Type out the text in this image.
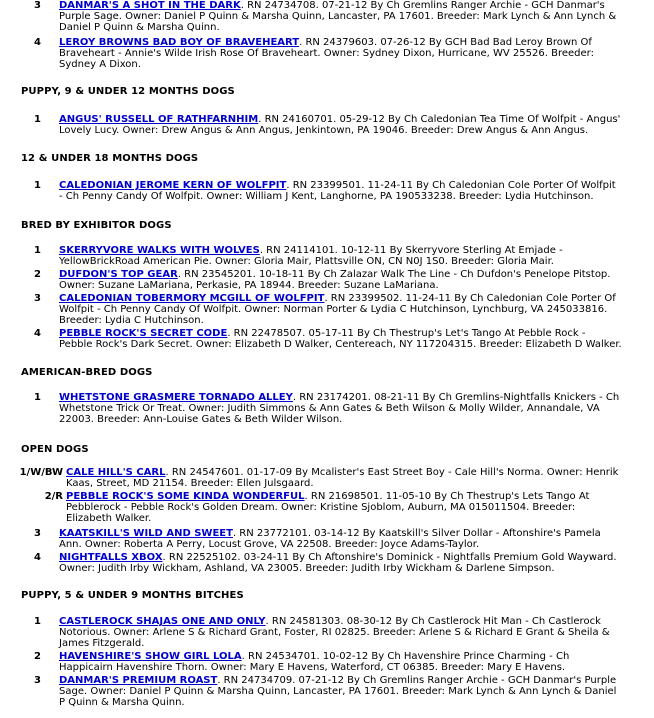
3 DANMAR'S A SHOT IN THE DARK. RN 24734708. 07-21-12 By Ch Gremlins Ranger Archie - GCH Danmar's Purple Sage. Owner: Daniel P Quinn & Marsha Quinn, Lancaster, PA 17601. Breeder: Mark Lynch & Ann Lynch & Daniel P Quinn & Marsha Quinn.
4 LEROY BROWNS BAD BOY OF BRAVEHEART. RN 24379603. 07-26-12 By GCH Bad Bad Leroy Brown Of Braveheart - Annie's Wilde Irish Rose Of Braveheart. Owner: Sydney Dixon, Hurricane, WV 25526. Breeder: Sydney A Dixon.
PUPPY, 9 & UNDER 12 MONTHS DOGS
1 ANGUS' RUSSELL OF RATHFARNHIM. RN 24160701. 05-29-12 By Ch Caledonian Tea Time Of Wolfpit - Angus' Lovely Lucy. Owner: Drew Angus & Ann Angus, Jenkintown, PA 19046. Breeder: Drew Angus & Ann Angus.
12 & UNDER 18 MONTHS DOGS
1 CALEDONIAN JEROME KERN OF WOLFPIT. RN 23399501. 11-24-11 By Ch Caledonian Cole Porter Of Wolfpit - Ch Penny Candy Of Wolfpit. Owner: William J Kent, Langhorne, PA 190533238. Breeder: Lydia Hutchinson.
BRED BY EXHIBITOR DOGS
1 SKERRYVORE WALKS WITH WOLVES. RN 24114101. 10-12-11 By Skerryvore Sterling At Emjade - YellowBrickRoad American Pie. Owner: Gloria Mair, Plattsville ON, CN N0J 1S0. Breeder: Gloria Mair.
2 DUFDON'S TOP GEAR. RN 23545201. 10-18-11 By Ch Zalazar Walk The Line - Ch Dufdon's Penelope Pitstop. Owner: Suzane LaMariana, Perkasie, PA 18944. Breeder: Suzane LaMariana.
3 CALEDONIAN TOBERMORY MCGILL OF WOLFPIT. RN 23399502. 11-24-11 By Ch Caledonian Cole Porter Of Wolfpit - Ch Penny Candy Of Wolfpit. Owner: Norman Porter & Lydia C Hutchinson, Lynchburg, VA 245033816. Breeder: Lydia C Hutchinson.
4 PEBBLE ROCK'S SECRET CODE. RN 22478507. 05-17-11 By Ch Thestrup's Let's Tango At Pebble Rock - Pebble Rock's Dark Secret. Owner: Elizabeth D Walker, Centereach, NY 117204315. Breeder: Elizabeth D Walker.
AMERICAN-BRED DOGS
1 WHETSTONE GRASMERE TORNADO ALLEY. RN 23174201. 08-21-11 By Ch Gremlins-Nightfalls Knickers - Ch Whetstone Trick Or Treat. Owner: Judith Simmons & Ann Gates & Beth Wilson & Molly Wilder, Annandale, VA 22003. Breeder: Ann-Louise Gates & Beth Wilder Wilson.
OPEN DOGS
1/W/BW CALE HILL'S CARL. RN 24547601. 01-17-09 By Mcalister's East Street Boy - Cale Hill's Norma. Owner: Henrik Kaas, Street, MD 21154. Breeder: Ellen Julsgaard.
2/R PEBBLE ROCK'S SOME KINDA WONDERFUL. RN 21698501. 11-05-10 By Ch Thestrup's Lets Tango At Pebblerock - Pebble Rock's Golden Dream. Owner: Kristine Sjoblom, Auburn, MA 015011504. Breeder: Elizabeth Walker.
3 KAATSKILL'S WILD AND SWEET. RN 23772101. 03-14-12 By Kaatskill's Silver Dollar - Aftonshire's Pamela Ann. Owner: Roberta A Perry, Locust Grove, VA 22508. Breeder: Joyce Adams-Taylor.
4 NIGHTFALLS XBOX. RN 22525102. 03-24-11 By Ch Aftonshire's Dominick - Nightfalls Premium Gold Wayward. Owner: Judith Irby Wickham, Ashland, VA 23005. Breeder: Judith Irby Wickham & Darlene Simpson.
PUPPY, 5 & UNDER 9 MONTHS BITCHES
1 CASTLEROCK SHAJAS ONE AND ONLY. RN 24581303. 08-30-12 By Ch Castlerock Hit Man - Ch Castlerock Notorious. Owner: Arlene S & Richard Grant, Foster, RI 02825. Breeder: Arlene S & Richard E Grant & Sheila & James Fitzgerald.
2 HAVENSHIRE'S SHOW GIRL LOLA. RN 24534701. 10-02-12 By Ch Havenshire Prince Charming - Ch Happicairn Havenshire Thorn. Owner: Mary E Havens, Waterford, CT 06385. Breeder: Mary E Havens.
3 DANMAR'S PREMIUM ROAST. RN 24734709. 07-21-12 By Ch Gremlins Ranger Archie - GCH Danmar's Purple Sage. Owner: Daniel P Quinn & Marsha Quinn, Lancaster, PA 17601. Breeder: Mark Lynch & Ann Lynch & Daniel P Quinn & Marsha Quinn.
